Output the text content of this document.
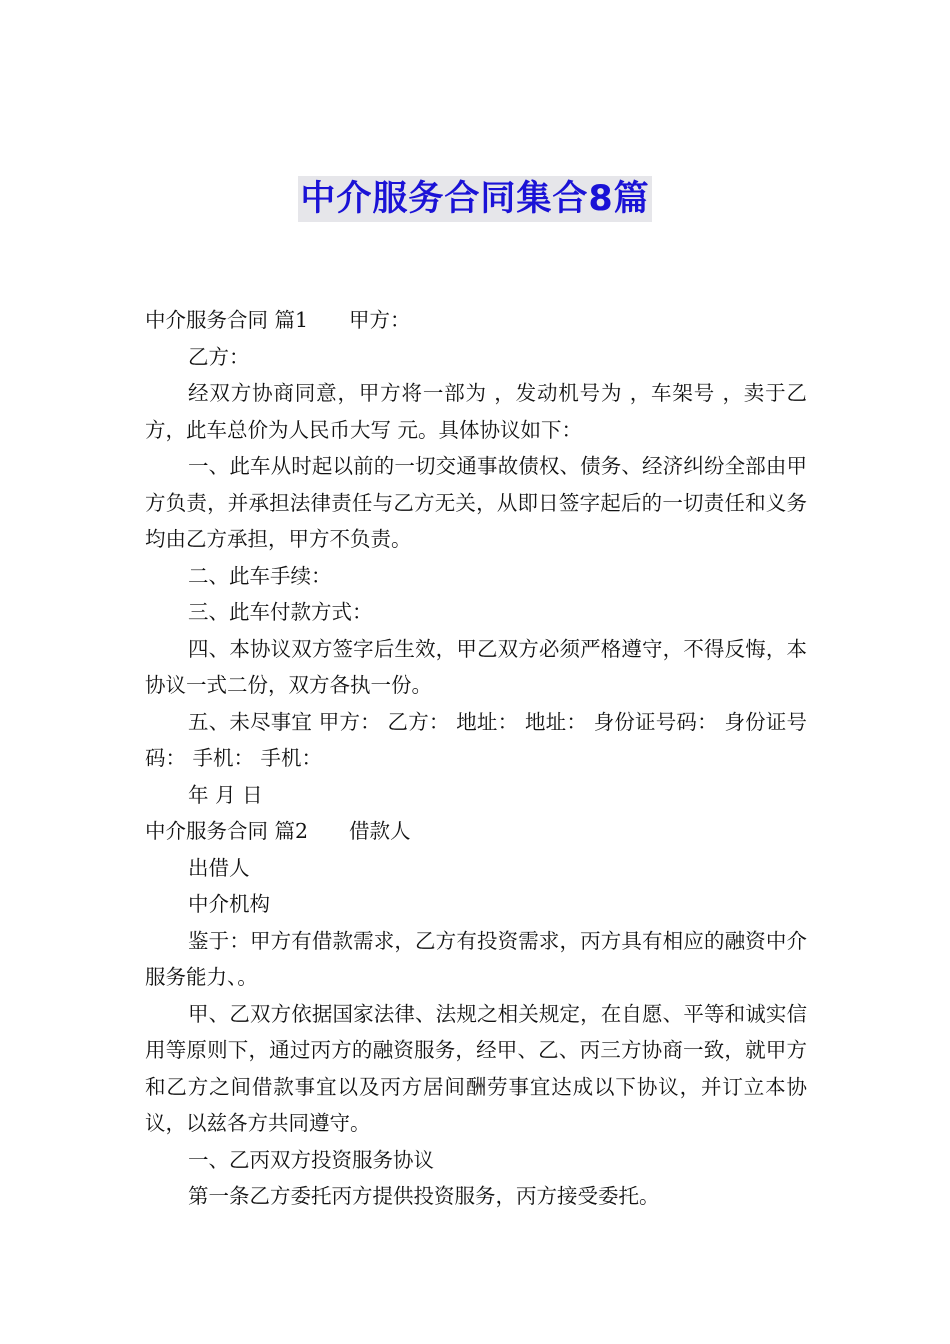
中介服务合同集合8篇

中介服务合同 篇1　　甲方：

乙方：

经双方协商同意，甲方将一部为 ，发动机号为 ，车架号 ，卖于乙方，此车总价为人民币大写 元。具体协议如下：

一、此车从时起以前的一切交通事故债权、债务、经济纠纷全部由甲方负责，并承担法律责任与乙方无关，从即日签字起后的一切责任和义务均由乙方承担，甲方不负责。

二、此车手续：

三、此车付款方式：

四、本协议双方签字后生效，甲乙双方必须严格遵守，不得反悔，本协议一式二份，双方各执一份。

五、未尽事宜 甲方： 乙方： 地址： 地址： 身份证号码： 身份证号码： 手机： 手机：

年 月 日

中介服务合同 篇2　　借款人

出借人

中介机构

鉴于：甲方有借款需求，乙方有投资需求，丙方具有相应的融资中介服务能力、。

甲、乙双方依据国家法律、法规之相关规定，在自愿、平等和诚实信用等原则下，通过丙方的融资服务，经甲、乙、丙三方协商一致，就甲方和乙方之间借款事宜以及丙方居间酬劳事宜达成以下协议，并订立本协议，以兹各方共同遵守。

一、乙丙双方投资服务协议

第一条乙方委托丙方提供投资服务，丙方接受委托。
